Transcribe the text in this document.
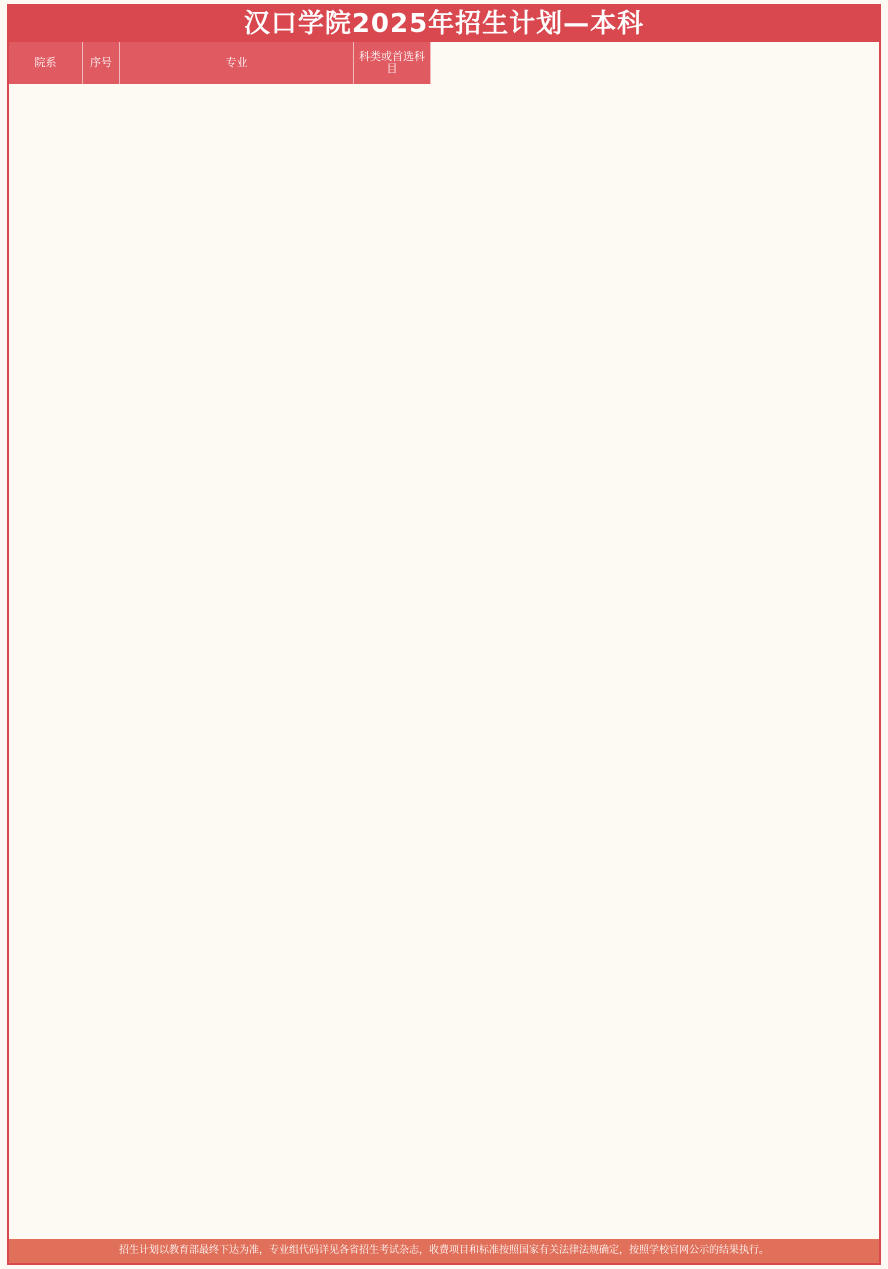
汉口学院2025年招生计划—本科
院系	序号	专业	科类或首选科目
招生计划以教育部最终下达为准，专业组代码详见各省招生考试杂志，收费项目和标准按照国家有关法律法规确定，按照学校官网公示的结果执行。
